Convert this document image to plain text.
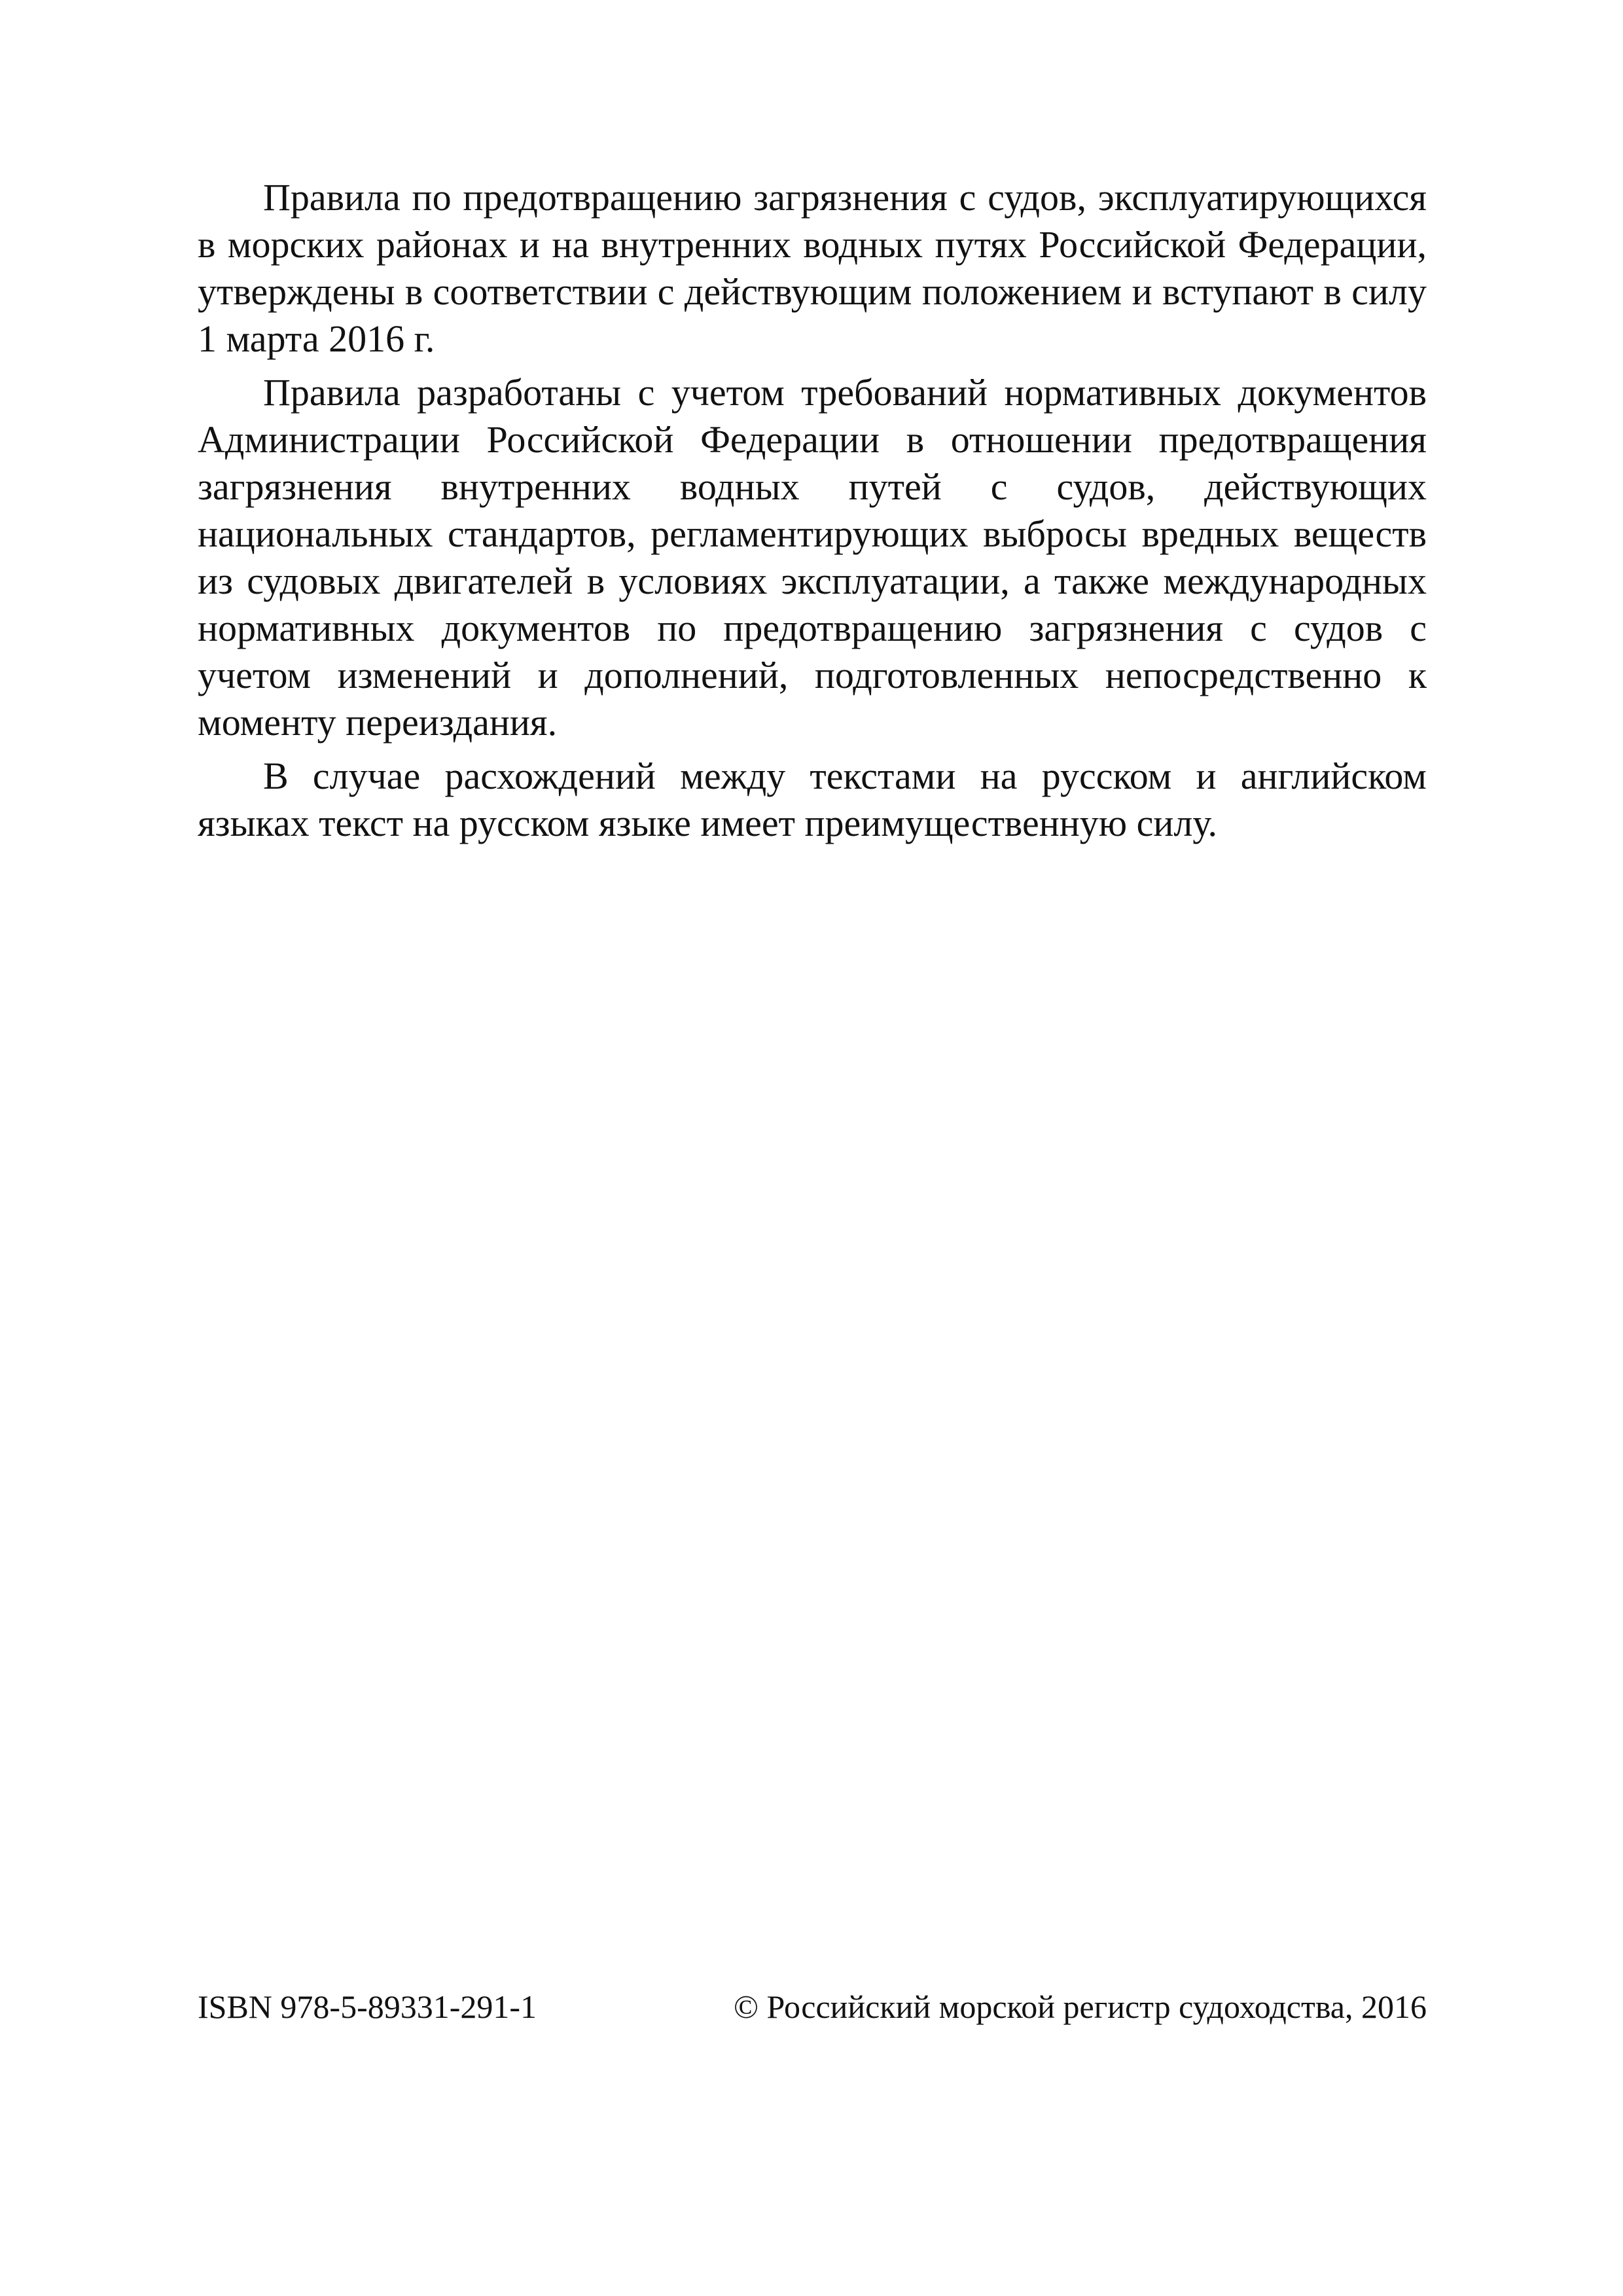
Правила по предотвращению загрязнения с судов, эксплуатирующихся в морских районах и на внутренних водных путях Российской Федерации, утверждены в соответствии с действующим положением и вступают в силу 1 марта 2016 г.

Правила разработаны с учетом требований нормативных документов Администрации Российской Федерации в отношении предотвращения загрязнения внутренних водных путей с судов, действующих национальных стандартов, регламентирующих выбросы вредных веществ из судовых двигателей в условиях эксплуатации, а также международных нормативных документов по предотвращению загрязнения с судов с учетом изменений и дополнений, подготовленных непосредственно к моменту переиздания.

В случае расхождений между текстами на русском и английском языках текст на русском языке имеет преимущественную силу.

ISBN 978-5-89331-291-1	© Российский морской регистр судоходства, 2016
